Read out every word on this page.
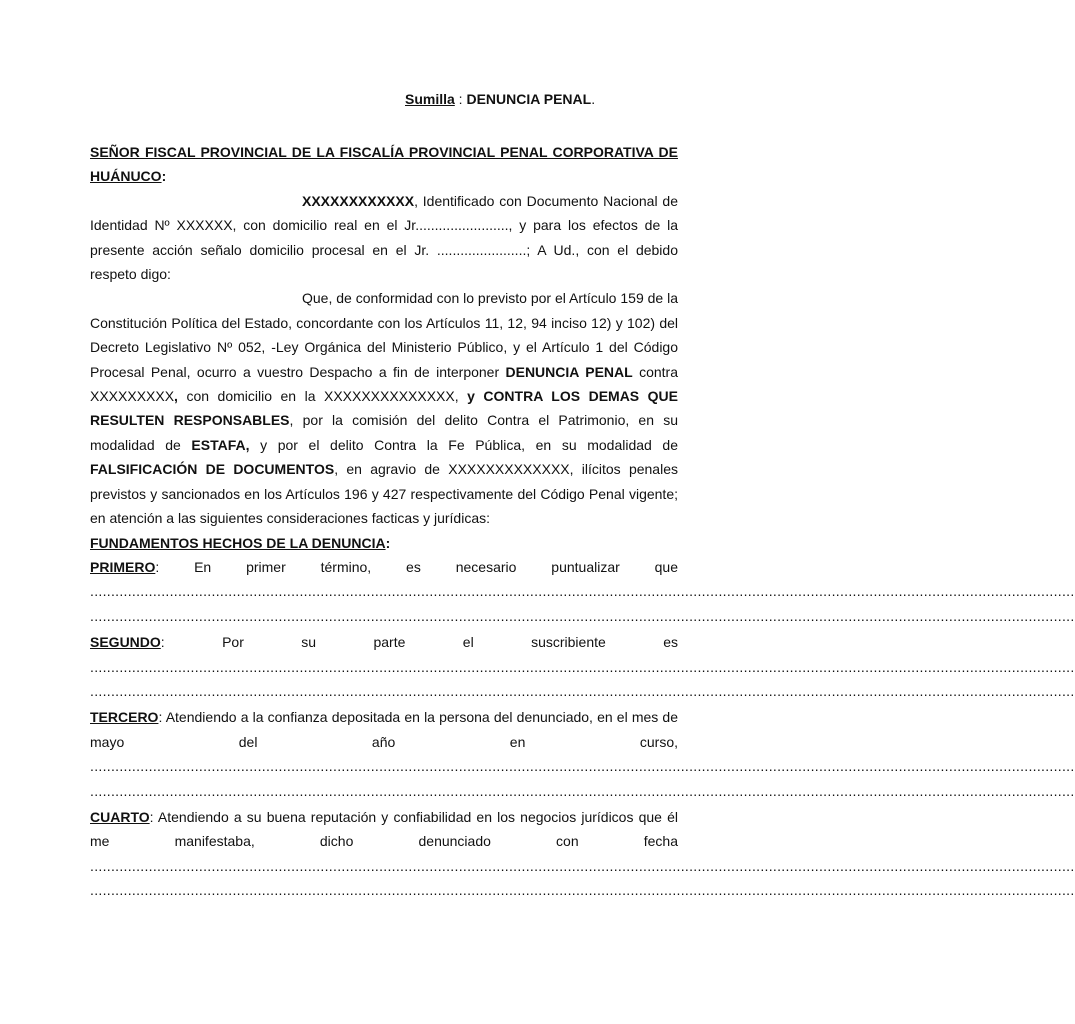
Sumilla : DENUNCIA PENAL.

SEÑOR FISCAL PROVINCIAL DE LA FISCALÍA PROVINCIAL PENAL CORPORATIVA DE HUÁNUCO:

XXXXXXXXXXXX, Identificado con Documento Nacional de Identidad Nº XXXXXX, con domicilio real en el Jr........................, y para los efectos de la presente acción señalo domicilio procesal en el Jr. .......................; A Ud., con el debido respeto digo:

Que, de conformidad con lo previsto por el Artículo 159 de la Constitución Política del Estado, concordante con los Artículos 11, 12, 94 inciso 12) y 102) del Decreto Legislativo Nº 052, -Ley Orgánica del Ministerio Público, y el Artículo 1 del Código Procesal Penal, ocurro a vuestro Despacho a fin de interponer DENUNCIA PENAL contra XXXXXXXXX, con domicilio en la XXXXXXXXXXXXXX, y CONTRA LOS DEMAS QUE RESULTEN RESPONSABLES, por la comisión del delito Contra el Patrimonio, en su modalidad de ESTAFA, y por el delito Contra la Fe Pública, en su modalidad de FALSIFICACIÓN DE DOCUMENTOS, en agravio de XXXXXXXXXXXXX, ilícitos penales previstos y sancionados en los Artículos 196 y 427 respectivamente del Código Penal vigente; en atención a las siguientes consideraciones facticas y jurídicas:

FUNDAMENTOS HECHOS DE LA DENUNCIA:

PRIMERO: En primer término, es necesario puntualizar que

...........................................................................................................................................................................................................................................
...........................................................................................................................................................................................................................................

SEGUNDO: Por su parte el suscribiente es

...........................................................................................................................................................................................................................................
...........................................................................................................................................................................................................................................

TERCERO: Atendiendo a la confianza depositada en la persona del denunciado, en el mes de mayo del año en curso,

...........................................................................................................................................................................................................................................
...........................................................................................................................................................................................................................................

CUARTO: Atendiendo a su buena reputación y confiabilidad en los negocios jurídicos que él me manifestaba, dicho denunciado con fecha

...........................................................................................................................................................................................................................................
...........................................................................................................................................................................................................................................
